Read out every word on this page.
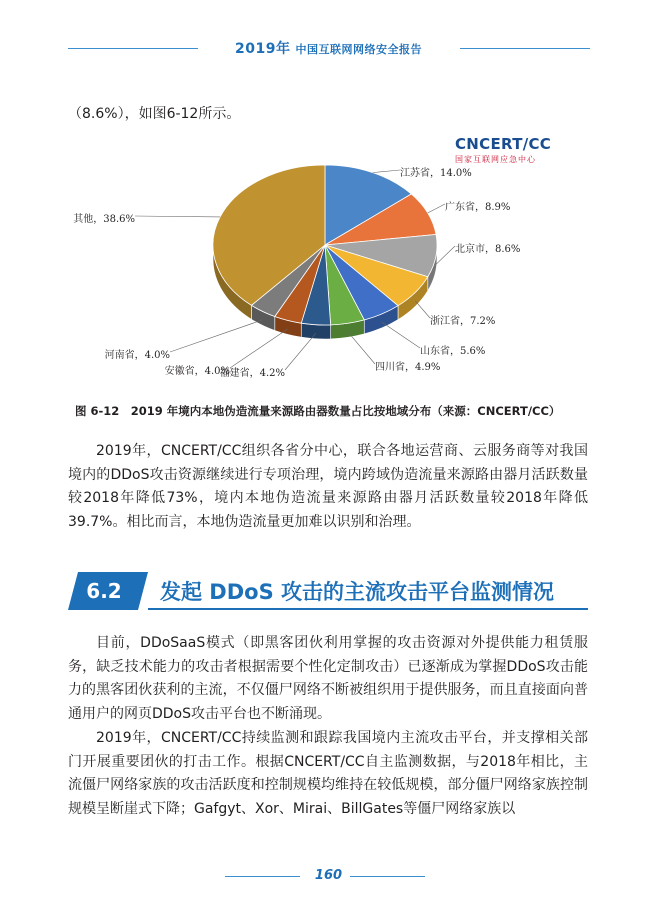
2019年 中国互联网网络安全报告
（8.6%），如图6-12所示。
CNCERT/CC
国家互联网应急中心
江苏省，14.0%
广东省，8.9%
北京市，8.6%
浙江省，7.2%
山东省，5.6%
四川省，4.9%
福建省，4.2%
安徽省，4.0%
河南省，4.0%
其他，38.6%
图 6-12　2019 年境内本地伪造流量来源路由器数量占比按地域分布（来源：CNCERT/CC）
2019年，CNCERT/CC组织各省分中心，联合各地运营商、云服务商等对我国境内的DDoS攻击资源继续进行专项治理，境内跨域伪造流量来源路由器月活跃数量较2018年降低73%，境内本地伪造流量来源路由器月活跃数量较2018年降低39.7%。相比而言，本地伪造流量更加难以识别和治理。
6.2	发起 DDoS 攻击的主流攻击平台监测情况
目前，DDoSaaS模式（即黑客团伙利用掌握的攻击资源对外提供能力租赁服务，缺乏技术能力的攻击者根据需要个性化定制攻击）已逐渐成为掌握DDoS攻击能力的黑客团伙获利的主流，不仅僵尸网络不断被组织用于提供服务，而且直接面向普通用户的网页DDoS攻击平台也不断涌现。
2019年，CNCERT/CC持续监测和跟踪我国境内主流攻击平台，并支撑相关部门开展重要团伙的打击工作。根据CNCERT/CC自主监测数据，与2018年相比，主流僵尸网络家族的攻击活跃度和控制规模均维持在较低规模，部分僵尸网络家族控制规模呈断崖式下降；Gafgyt、Xor、Mirai、BillGates等僵尸网络家族以
160
